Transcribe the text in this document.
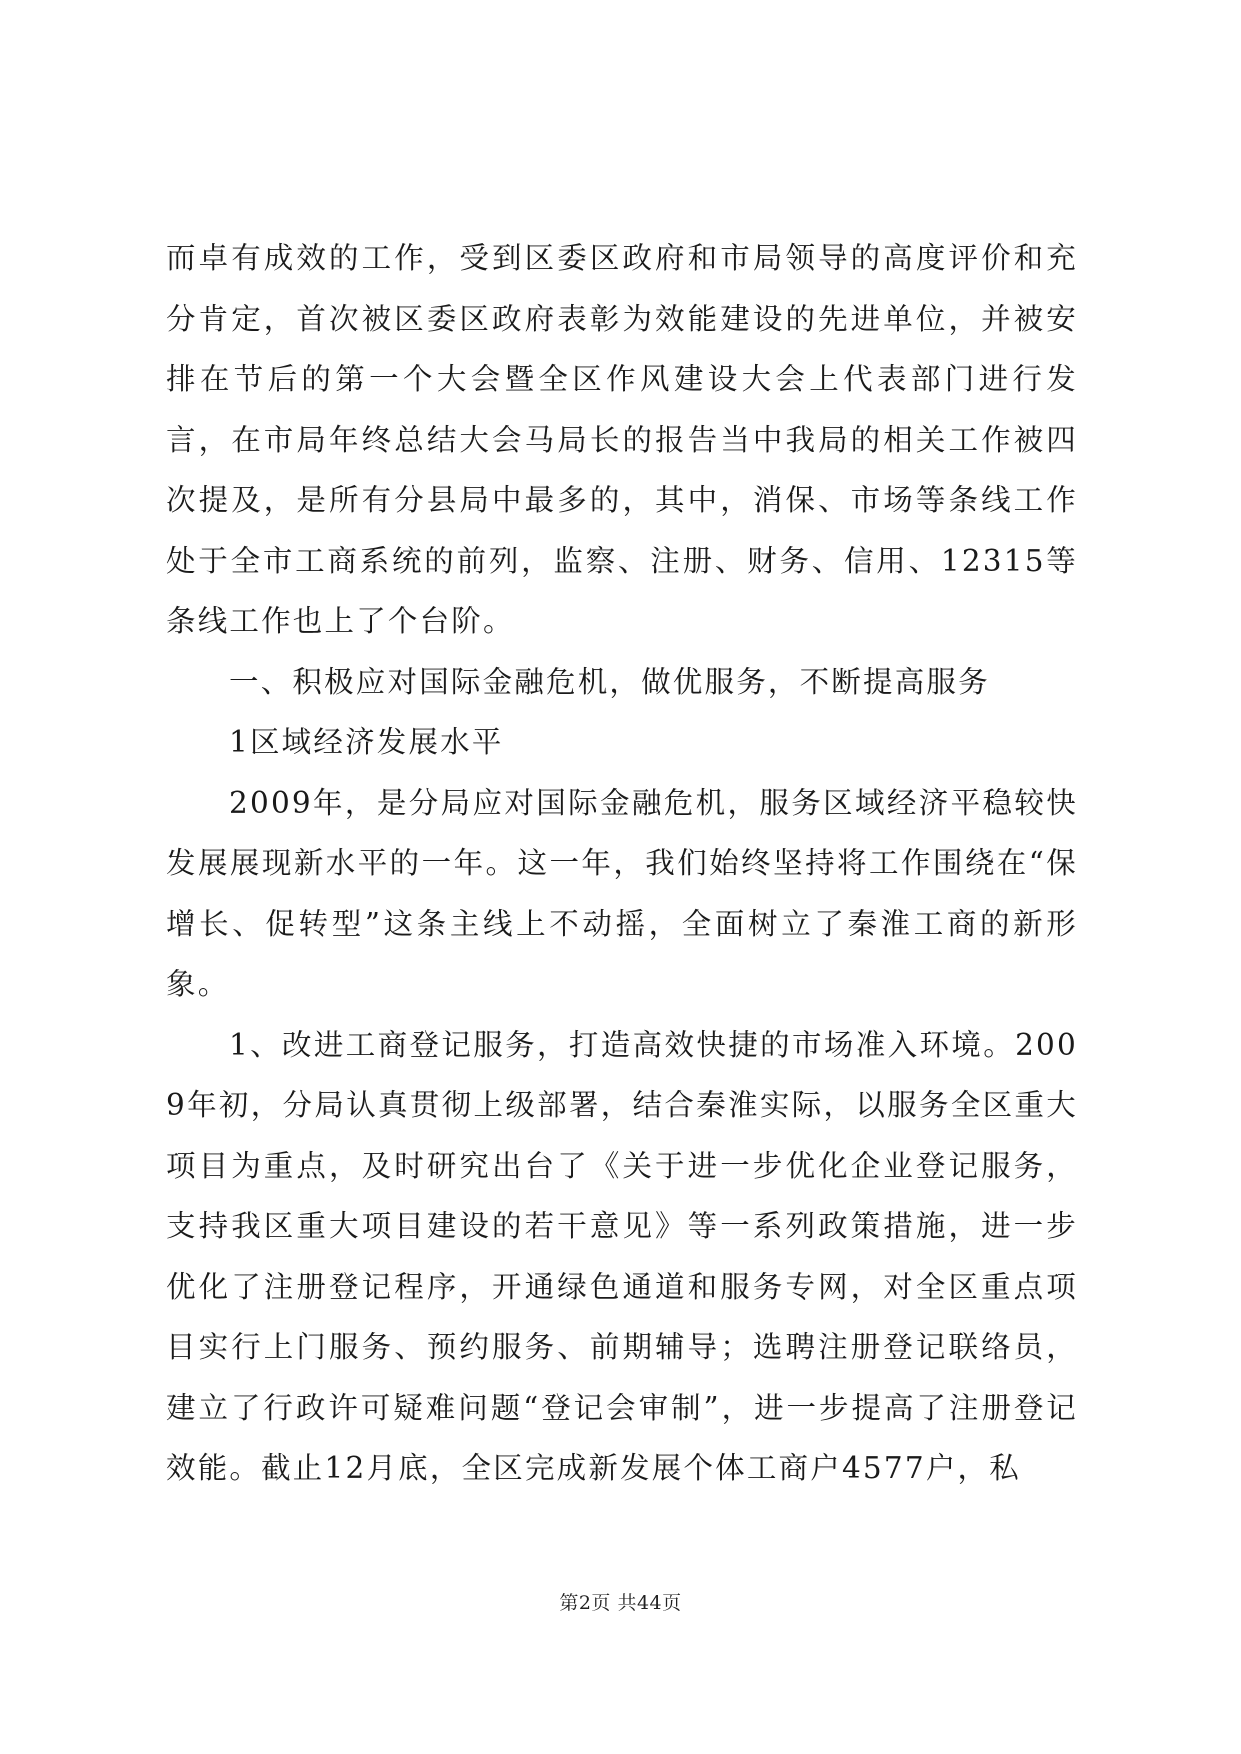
而卓有成效的工作，受到区委区政府和市局领导的高度评价和充分肯定，首次被区委区政府表彰为效能建设的先进单位，并被安排在节后的第一个大会暨全区作风建设大会上代表部门进行发言，在市局年终总结大会马局长的报告当中我局的相关工作被四次提及，是所有分县局中最多的，其中，消保、市场等条线工作处于全市工商系统的前列，监察、注册、财务、信用、12315等条线工作也上了个台阶。

一、积极应对国际金融危机，做优服务，不断提高服务

1区域经济发展水平

2009年，是分局应对国际金融危机，服务区域经济平稳较快发展展现新水平的一年。这一年，我们始终坚持将工作围绕在“保增长、促转型”这条主线上不动摇，全面树立了秦淮工商的新形象。

1、改进工商登记服务，打造高效快捷的市场准入环境。2009年初，分局认真贯彻上级部署，结合秦淮实际，以服务全区重大项目为重点，及时研究出台了《关于进一步优化企业登记服务，支持我区重大项目建设的若干意见》等一系列政策措施，进一步优化了注册登记程序，开通绿色通道和服务专网，对全区重点项目实行上门服务、预约服务、前期辅导；选聘注册登记联络员，建立了行政许可疑难问题“登记会审制”，进一步提高了注册登记效能。截止12月底，全区完成新发展个体工商户4577户，私

第2页 共44页
